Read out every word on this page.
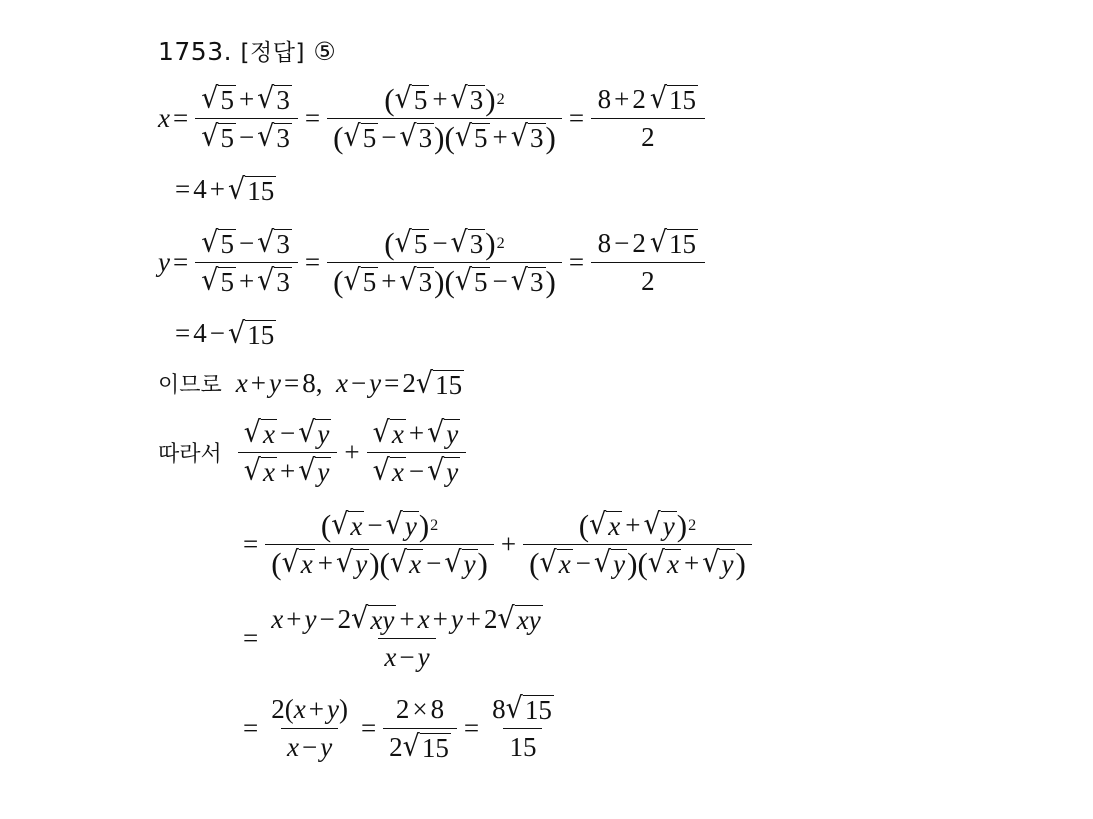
1753. [정답] ⑤
$x = \frac{√ 5 + √ 3}{√ 5 - √ 3} = \frac{( √ 5 + √ 3 ) 2}{( √ 5 - √ 3 )( √ 5 + √ 3 )} = \frac{8 + 2 √ 15}{2}$
= 4 + √ 15
$y = \frac{√ 5 - √ 3}{√ 5 + √ 3} = \frac{( √ 5 - √ 3 ) 2}{( √ 5 + √ 3 )( √ 5 - √ 3 )} = \frac{8 - 2 √ 15}{2}$
= 4 − √ 15
이므로 x + y = 8,  x − y = 2 √ 15
따라서 $\frac{√ x - √ y}{√ x + √ y} + \frac{√ x + √ y}{√ x - √ y}$
= $\frac{( √ x - √ y ) 2}{( √ x + √ y )( √ x - √ y )} + \frac{( √ x + √ y ) 2}{( √ x - √ y )( √ x + √ y )}$
= $\frac{x + y - 2 √ xy + x + y + 2 √ xy}{x - y}$
= $\frac{2( x + y )}{x - y} = \frac{2 \times 8}{2 √ 15} = \frac{8 √ 15}{15}$
